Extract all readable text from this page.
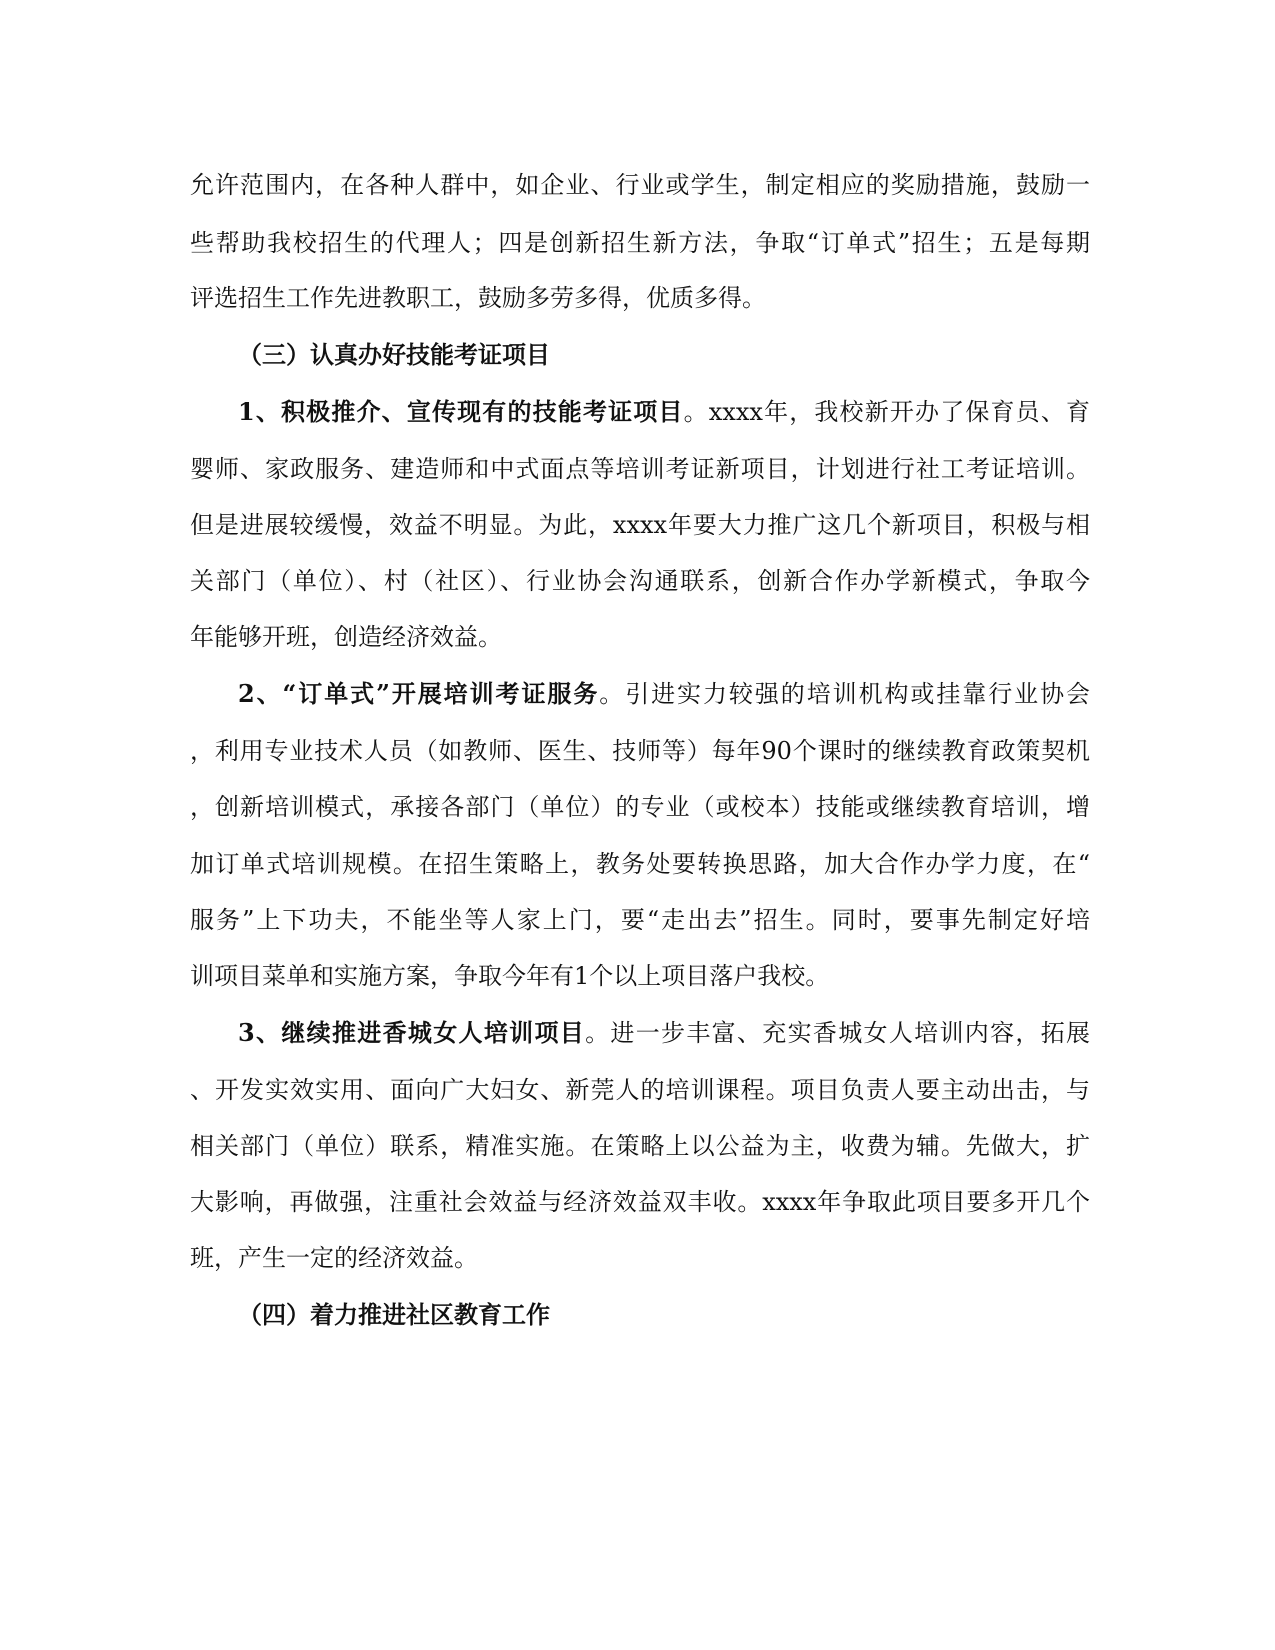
允许范围内，在各种人群中，如企业、行业或学生，制定相应的奖励措施，鼓励一
些帮助我校招生的代理人；四是创新招生新方法，争取“订单式”招生；五是每期
评选招生工作先进教职工，鼓励多劳多得，优质多得。
（三）认真办好技能考证项目
1、积极推介、宣传现有的技能考证项目。xxxx年，我校新开办了保育员、育
婴师、家政服务、建造师和中式面点等培训考证新项目，计划进行社工考证培训。
但是进展较缓慢，效益不明显。为此，xxxx年要大力推广这几个新项目，积极与相
关部门（单位）、村（社区）、行业协会沟通联系，创新合作办学新模式，争取今
年能够开班，创造经济效益。
2、“订单式”开展培训考证服务。引进实力较强的培训机构或挂靠行业协会
，利用专业技术人员（如教师、医生、技师等）每年90个课时的继续教育政策契机
，创新培训模式，承接各部门（单位）的专业（或校本）技能或继续教育培训，增
加订单式培训规模。在招生策略上，教务处要转换思路，加大合作办学力度，在“
服务”上下功夫，不能坐等人家上门，要“走出去”招生。同时，要事先制定好培
训项目菜单和实施方案，争取今年有1个以上项目落户我校。
3、继续推进香城女人培训项目。进一步丰富、充实香城女人培训内容，拓展
、开发实效实用、面向广大妇女、新莞人的培训课程。项目负责人要主动出击，与
相关部门（单位）联系，精准实施。在策略上以公益为主，收费为辅。先做大，扩
大影响，再做强，注重社会效益与经济效益双丰收。xxxx年争取此项目要多开几个
班，产生一定的经济效益。
（四）着力推进社区教育工作
